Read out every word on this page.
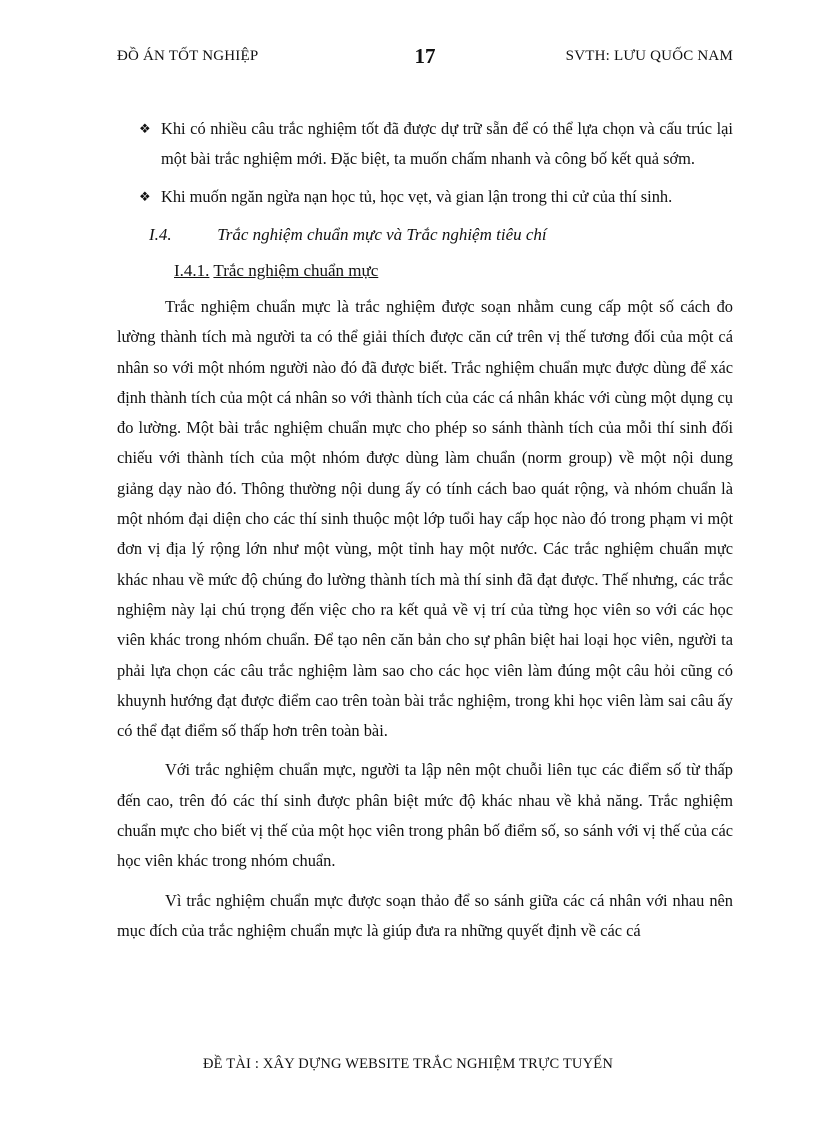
ĐỒ ÁN TỐT NGHIỆP	17	SVTH: LƯU QUỐC NAM
❖ Khi có nhiều câu trắc nghiệm tốt đã được dự trữ sẵn để có thể lựa chọn và cấu trúc lại một bài trắc nghiệm mới. Đặc biệt, ta muốn chấm nhanh và công bố kết quả sớm.
❖ Khi muốn ngăn ngừa nạn học tủ, học vẹt, và gian lận trong thi cử của thí sinh.
I.4.	Trắc nghiệm chuẩn mực và Trắc nghiệm tiêu chí
I.4.1. Trắc nghiệm chuẩn mực

Trắc nghiệm chuẩn mực là trắc nghiệm được soạn nhằm cung cấp một số cách đo lường thành tích mà người ta có thể giải thích được căn cứ trên vị thế tương đối của một cá nhân so với một nhóm người nào đó đã được biết. Trắc nghiệm chuẩn mực được dùng để xác định thành tích của một cá nhân so với thành tích của các cá nhân khác với cùng một dụng cụ đo lường. Một bài trắc nghiệm chuẩn mực cho phép so sánh thành tích của mỗi thí sinh đối chiếu với thành tích của một nhóm được dùng làm chuẩn (norm group) về một nội dung giảng dạy nào đó. Thông thường nội dung ấy có tính cách bao quát rộng, và nhóm chuẩn là một nhóm đại diện cho các thí sinh thuộc một lớp tuổi hay cấp học nào đó trong phạm vi một đơn vị địa lý rộng lớn như một vùng, một tỉnh hay một nước. Các trắc nghiệm chuẩn mực khác nhau về mức độ chúng đo lường thành tích mà thí sinh đã đạt được. Thế nhưng, các trắc nghiệm này lại chú trọng đến việc cho ra kết quả về vị trí của từng học viên so với các học viên khác trong nhóm chuẩn. Để tạo nên căn bản cho sự phân biệt hai loại học viên, người ta phải lựa chọn các câu trắc nghiệm làm sao cho các học viên làm đúng một câu hỏi cũng có khuynh hướng đạt được điểm cao trên toàn bài trắc nghiệm, trong khi học viên làm sai câu ấy có thể đạt điểm số thấp hơn trên toàn bài.

Với trắc nghiệm chuẩn mực, người ta lập nên một chuỗi liên tục các điểm số từ thấp đến cao, trên đó các thí sinh được phân biệt mức độ khác nhau về khả năng. Trắc nghiệm chuẩn mực cho biết vị thế của một học viên trong phân bố điểm số, so sánh với vị thế của các học viên khác trong nhóm chuẩn.

Vì trắc nghiệm chuẩn mực được soạn thảo để so sánh giữa các cá nhân với nhau nên mục đích của trắc nghiệm chuẩn mực là giúp đưa ra những quyết định về các cá

ĐỀ TÀI : XÂY DỰNG WEBSITE TRẮC NGHIỆM TRỰC TUYẾN
